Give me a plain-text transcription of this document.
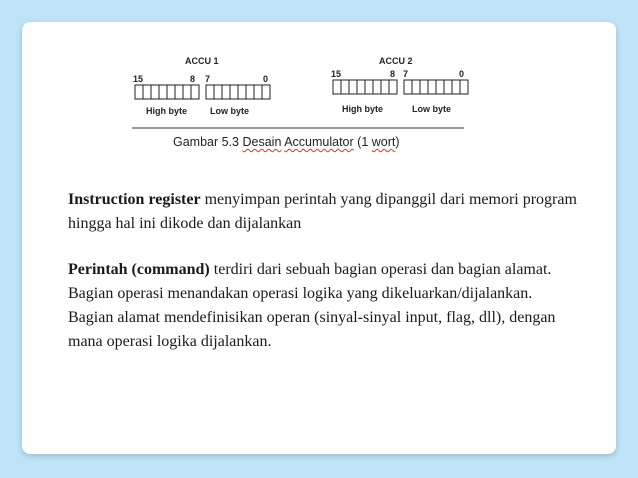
ACCU 1
15	8 7	0
High byte	Low byte
ACCU 2
15	8 7	0
High byte	Low byte
Gambar 5.3 Desain Accumulator (1 wort)

Instruction register menyimpan perintah yang dipanggil dari memori program hingga hal ini dikode dan dijalankan

Perintah (command) terdiri dari sebuah bagian operasi dan bagian alamat. Bagian operasi menandakan operasi logika yang dikeluarkan/dijalankan. Bagian alamat mendefinisikan operan (sinyal-sinyal input, flag, dll), dengan mana operasi logika dijalankan.
